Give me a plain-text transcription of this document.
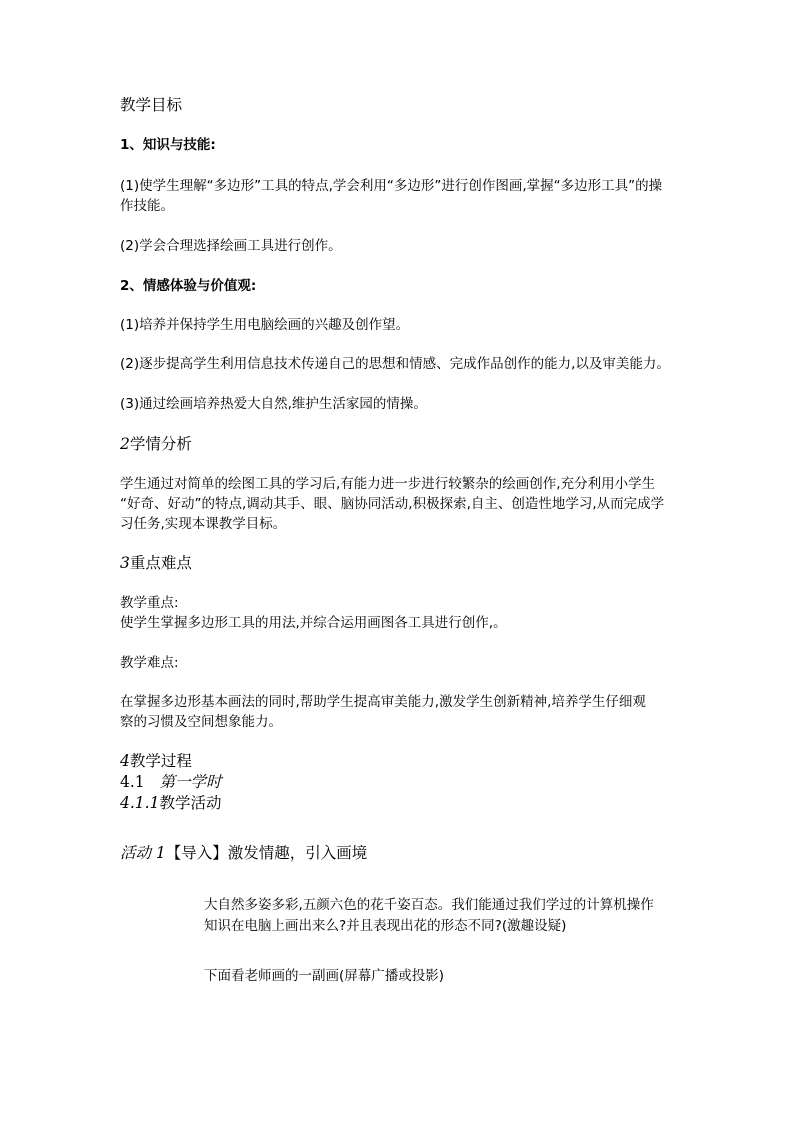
教学目标
1、知识与技能:
(1)使学生理解“多边形”工具的特点,学会利用“多边形”进行创作图画,掌握“多边形工具”的操
作技能。
(2)学会合理选择绘画工具进行创作。
2、情感体验与价值观:
(1)培养并保持学生用电脑绘画的兴趣及创作望。
(2)逐步提高学生利用信息技术传递自己的思想和情感、完成作品创作的能力,以及审美能力。
(3)通过绘画培养热爱大自然,维护生活家园的情操。
2学情分析
学生通过对简单的绘图工具的学习后,有能力进一步进行较繁杂的绘画创作,充分利用小学生
“好奇、好动”的特点,调动其手、眼、脑协同活动,积极探索,自主、创造性地学习,从而完成学
习任务,实现本课教学目标。
3重点难点
教学重点:
使学生掌握多边形工具的用法,并综合运用画图各工具进行创作,。
教学难点:
在掌握多边形基本画法的同时,帮助学生提高审美能力,激发学生创新精神,培养学生仔细观
察的习惯及空间想象能力。
4教学过程
4.1 第一学时
4.1.1教学活动
活动 1【导入】激发情趣，引入画境
大自然多姿多彩,五颜六色的花千姿百态。我们能通过我们学过的计算机操作
知识在电脑上画出来么?并且表现出花的形态不同?(激趣设疑)
下面看老师画的一副画(屏幕广播或投影)
